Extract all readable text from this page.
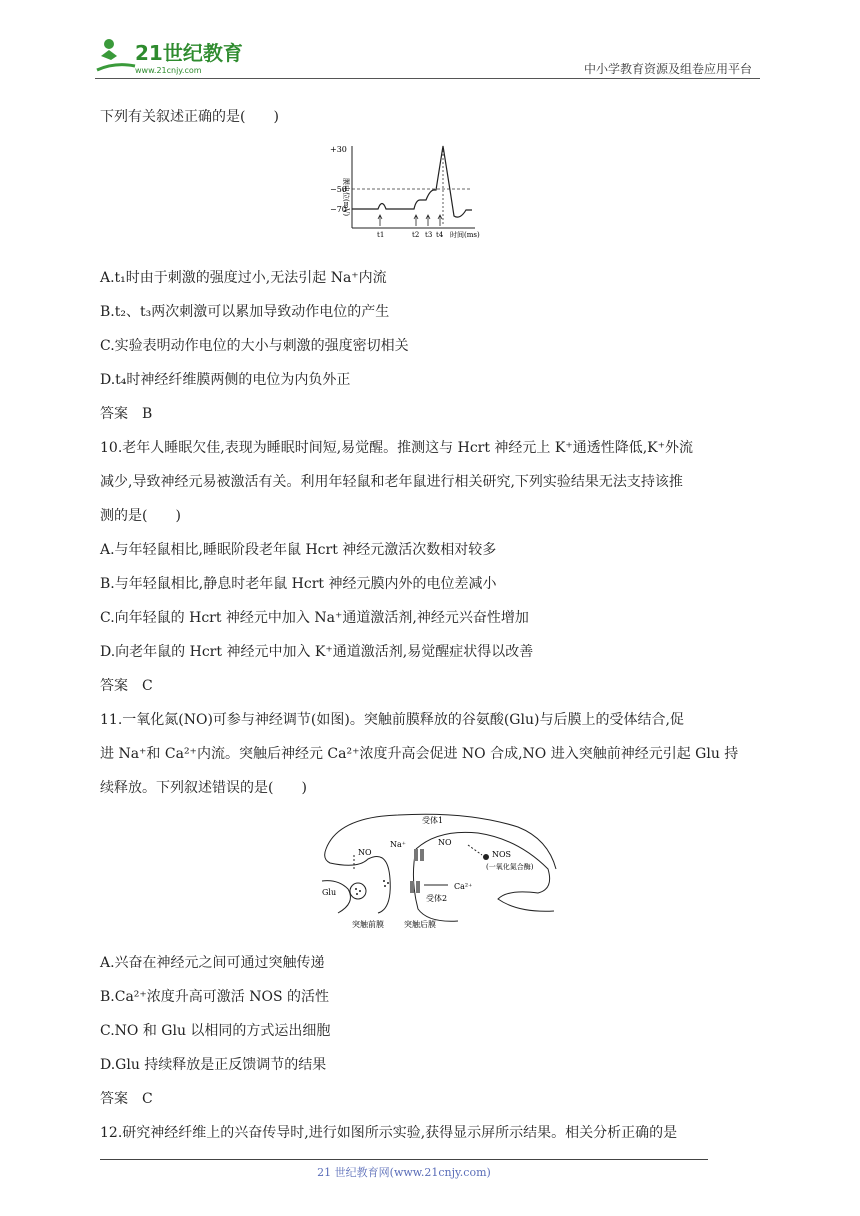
21世纪教育
www.21cnjy.com	中小学教育资源及组卷应用平台
下列有关叙述正确的是(　　)
+30
−50
−70
膜电位(mV)
t1	t2 t3 t4 时间(ms)
A.t₁时由于刺激的强度过小,无法引起 Na⁺内流
B.t₂、t₃两次刺激可以累加导致动作电位的产生
C.实验表明动作电位的大小与刺激的强度密切相关
D.t₄时神经纤维膜两侧的电位为内负外正
答案　B
10.老年人睡眠欠佳,表现为睡眠时间短,易觉醒。推测这与 Hcrt 神经元上 K⁺通透性降低,K⁺外流
减少,导致神经元易被激活有关。利用年轻鼠和老年鼠进行相关研究,下列实验结果无法支持该推
测的是(　　)
A.与年轻鼠相比,睡眠阶段老年鼠 Hcrt 神经元激活次数相对较多
B.与年轻鼠相比,静息时老年鼠 Hcrt 神经元膜内外的电位差减小
C.向年轻鼠的 Hcrt 神经元中加入 Na⁺通道激活剂,神经元兴奋性增加
D.向老年鼠的 Hcrt 神经元中加入 K⁺通道激活剂,易觉醒症状得以改善
答案　C
11.一氧化氮(NO)可参与神经调节(如图)。突触前膜释放的谷氨酸(Glu)与后膜上的受体结合,促
进 Na⁺和 Ca²⁺内流。突触后神经元 Ca²⁺浓度升高会促进 NO 合成,NO 进入突触前神经元引起 Glu 持
续释放。下列叙述错误的是(　　)
受体1
Na⁺	NO
NOS
(一氧化氮合酶)
NO
Ca²⁺
受体2
Glu
突触前膜	突触后膜
A.兴奋在神经元之间可通过突触传递
B.Ca²⁺浓度升高可激活 NOS 的活性
C.NO 和 Glu 以相同的方式运出细胞
D.Glu 持续释放是正反馈调节的结果
答案　C
12.研究神经纤维上的兴奋传导时,进行如图所示实验,获得显示屏所示结果。相关分析正确的是
21 世纪教育网(www.21cnjy.com)
